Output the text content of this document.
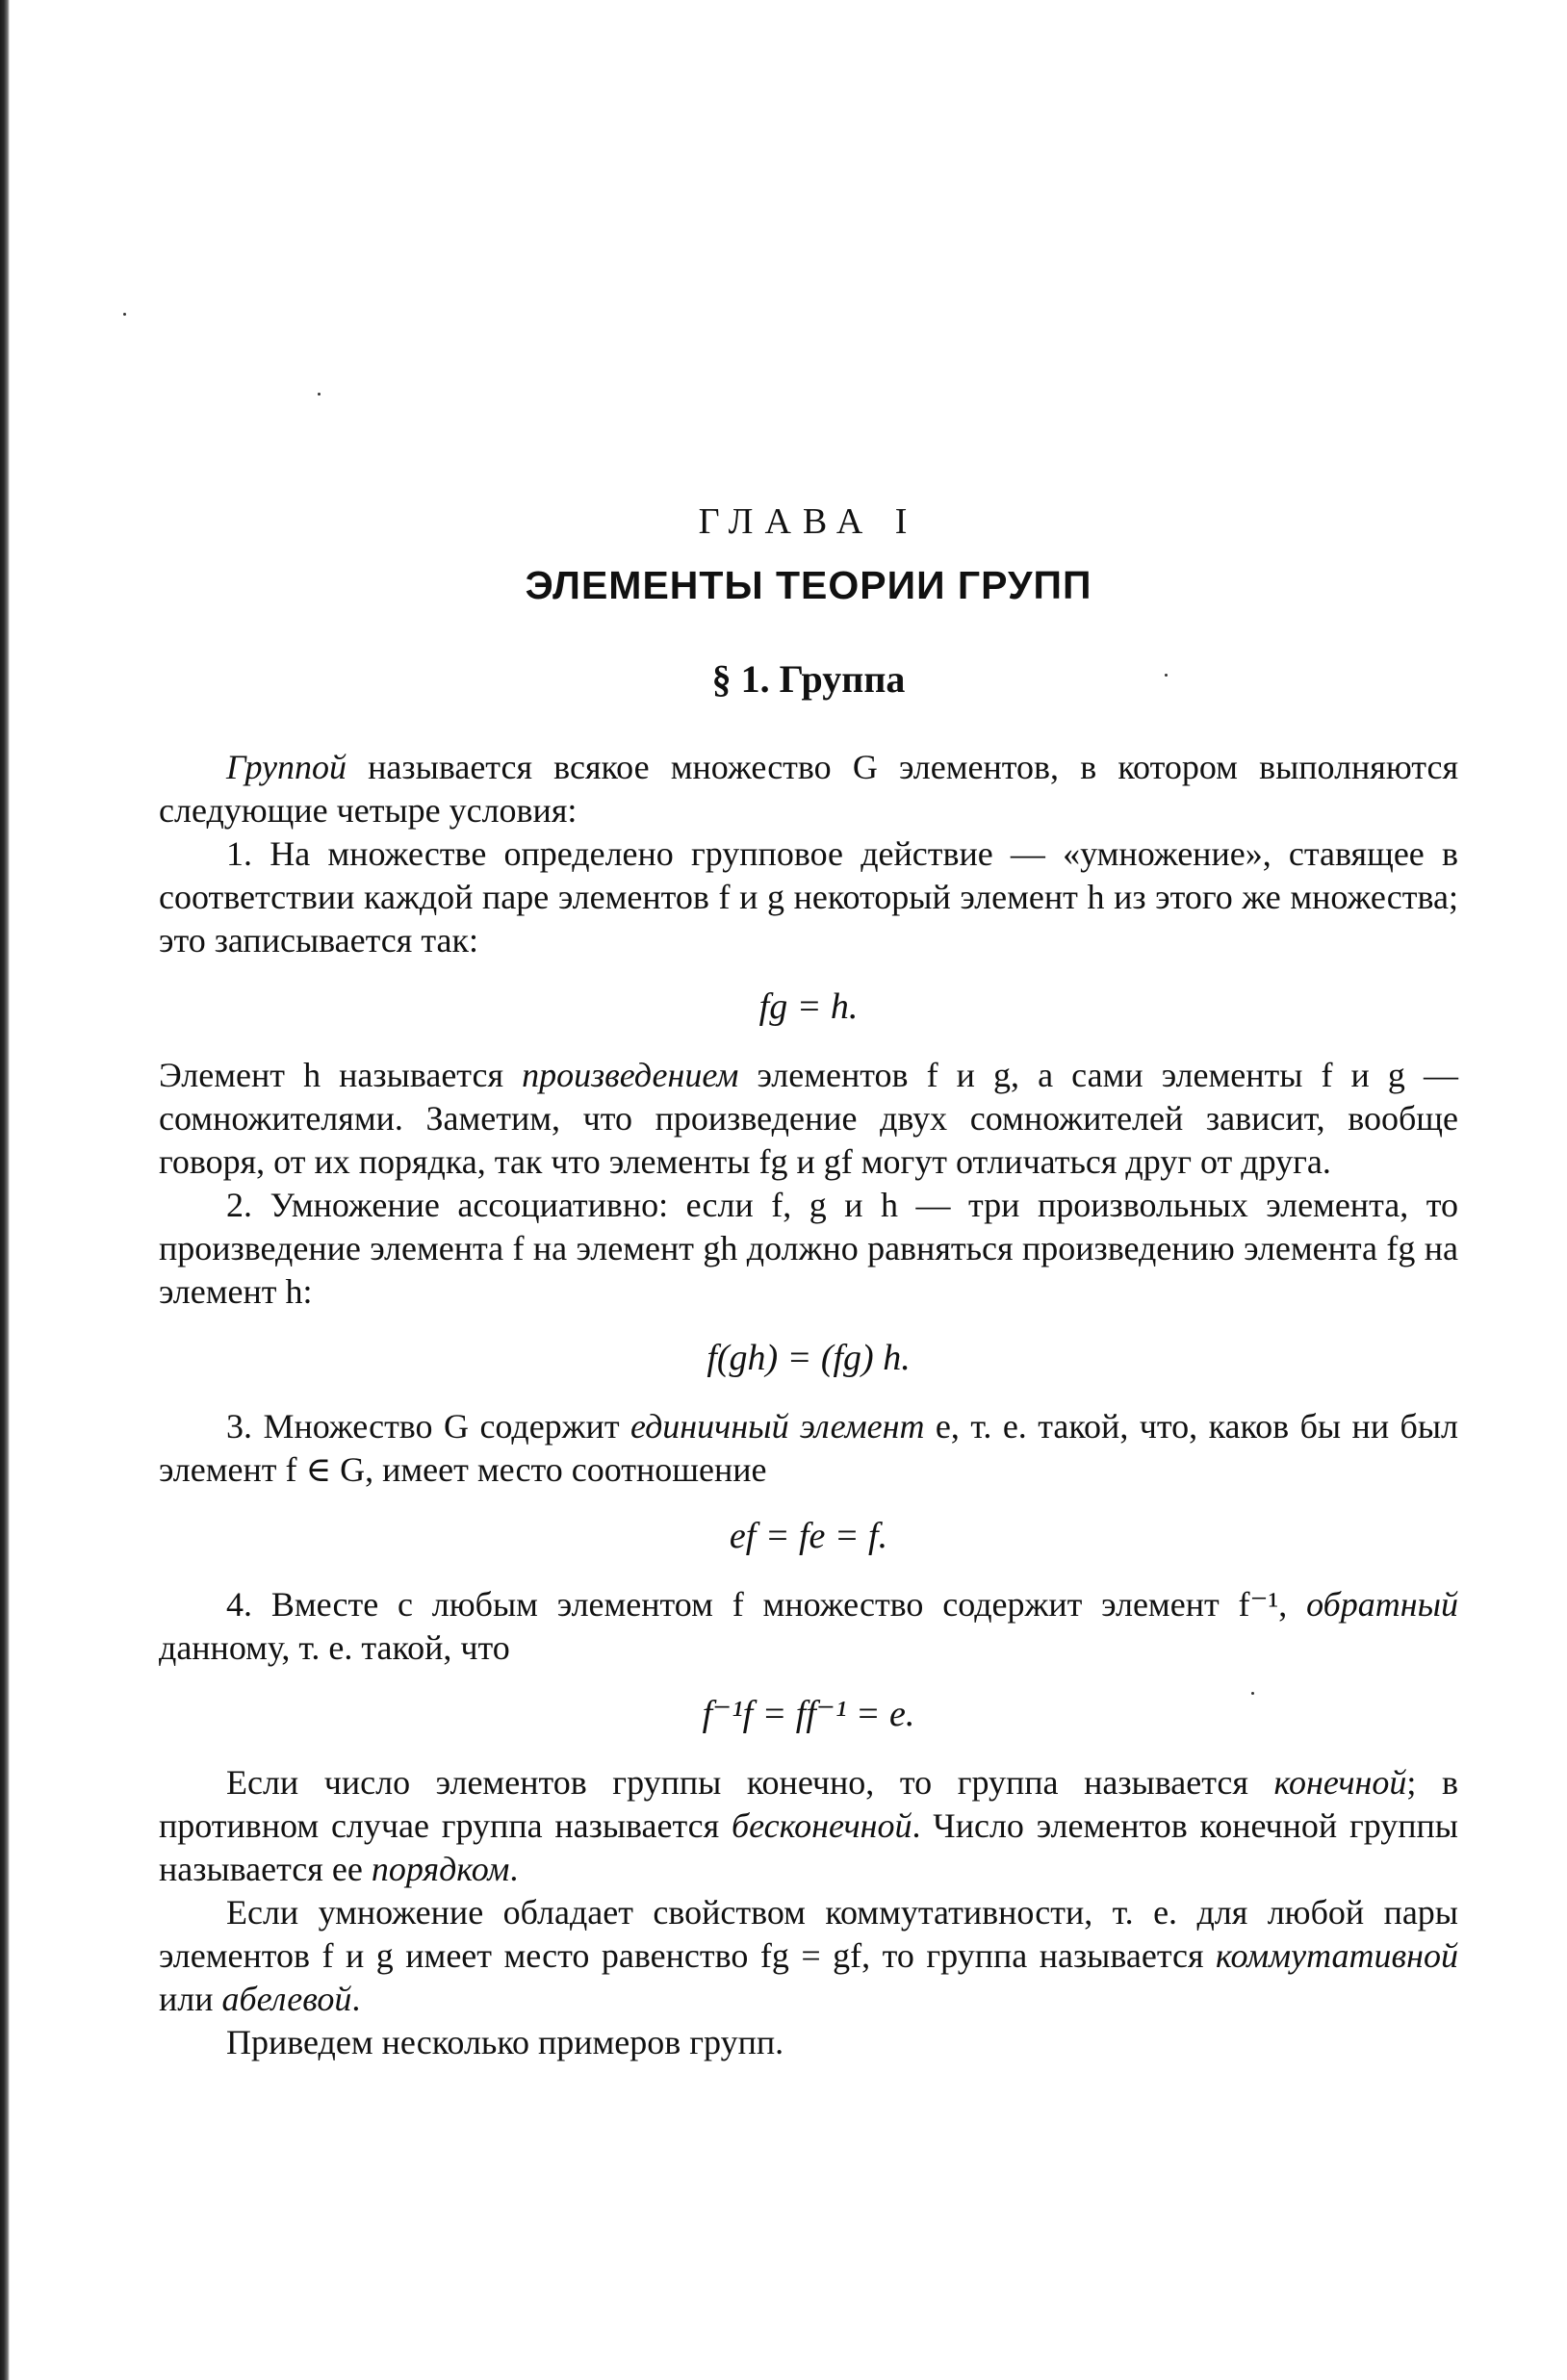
ГЛАВА I
ЭЛЕМЕНТЫ ТЕОРИИ ГРУПП
§ 1. Группа

Группой называется всякое множество G элементов, в котором выполняются следующие четыре условия:

1. На множестве определено групповое действие — «умножение», ставящее в соответствии каждой паре элементов f и g некоторый элемент h из этого же множества; это записывается так:

fg = h.

Элемент h называется произведением элементов f и g, а сами элементы f и g — сомножителями. Заметим, что произведение двух сомножителей зависит, вообще говоря, от их порядка, так что элементы fg и gf могут отличаться друг от друга.

2. Умножение ассоциативно: если f, g и h — три произвольных элемента, то произведение элемента f на элемент gh должно равняться произведению элемента fg на элемент h:

f(gh) = (fg) h.

3. Множество G содержит единичный элемент e, т. е. такой, что, каков бы ни был элемент f ∈ G, имеет место соотношение

ef = fe = f.

4. Вместе с любым элементом f множество содержит элемент f⁻¹, обратный данному, т. е. такой, что

f⁻¹f = ff⁻¹ = e.

Если число элементов группы конечно, то группа называется конечной; в противном случае группа называется бесконечной. Число элементов конечной группы называется ее порядком.

Если умножение обладает свойством коммутативности, т. е. для любой пары элементов f и g имеет место равенство fg = gf, то группа называется коммутативной или абелевой.

Приведем несколько примеров групп.
